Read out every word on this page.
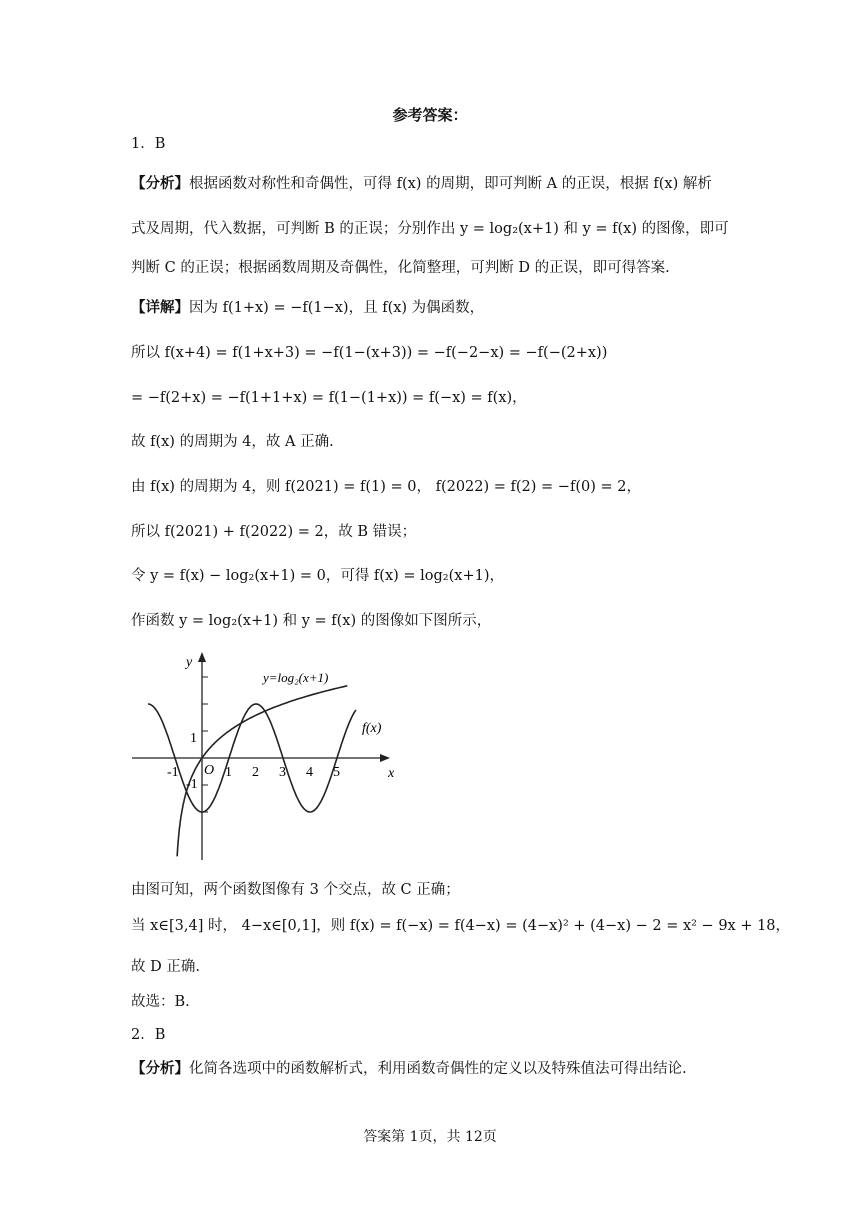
参考答案：
1．B
【分析】根据函数对称性和奇偶性，可得 f(x) 的周期，即可判断 A 的正误，根据 f(x) 解析
式及周期，代入数据，可判断 B 的正误；分别作出 y = log₂(x+1) 和 y = f(x) 的图像，即可
判断 C 的正误；根据函数周期及奇偶性，化简整理，可判断 D 的正误，即可得答案.
【详解】因为 f(1+x) = −f(1−x)，且 f(x) 为偶函数，
所以 f(x+4) = f(1+x+3) = −f(1−(x+3)) = −f(−2−x) = −f(−(2+x))
= −f(2+x) = −f(1+1+x) = f(1−(1+x)) = f(−x) = f(x)，
故 f(x) 的周期为 4，故 A 正确.
由 f(x) 的周期为 4，则 f(2021) = f(1) = 0， f(2022) = f(2) = −f(0) = 2，
所以 f(2021) + f(2022) = 2，故 B 错误；
令 y = f(x) − log₂(x+1) = 0，可得 f(x) = log₂(x+1)，
作函数 y = log₂(x+1) 和 y = f(x) 的图像如下图所示，
y
x
y=log₂(x+1)
f(x)
O
1
-1
-1	1 2 3 4 5
由图可知，两个函数图像有 3 个交点，故 C 正确；
当 x∈[3,4] 时， 4−x∈[0,1]，则 f(x) = f(−x) = f(4−x) = (4−x)² + (4−x) − 2 = x² − 9x + 18，
故 D 正确.
故选：B.
2．B
【分析】化简各选项中的函数解析式，利用函数奇偶性的定义以及特殊值法可得出结论.
答案第 1页，共 12页
